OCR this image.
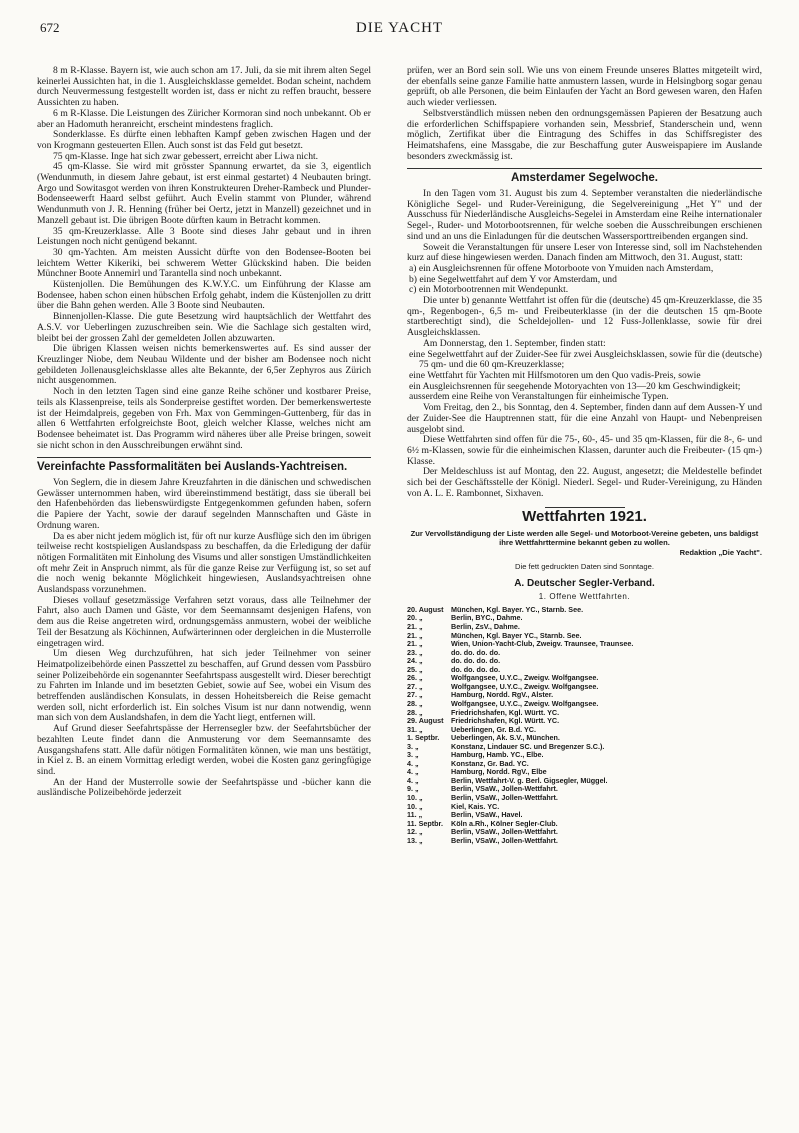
672	DIE YACHT

8 m R-Klasse. Bayern ist, wie auch schon am 17. Juli, da sie mit ihrem alten Segel keinerlei Aussichten hat, in die 1. Ausgleichsklasse gemeldet. Bodan scheint, nachdem durch Neuvermessung festgestellt worden ist, dass er nicht zu reffen braucht, bessere Aussichten zu haben.

6 m R-Klasse. Die Leistungen des Züricher Kormoran sind noch unbekannt. Ob er aber an Hadomuth heranreicht, erscheint mindestens fraglich.

Sonderklasse. Es dürfte einen lebhaften Kampf geben zwischen Hagen und der von Krogmann gesteuerten Ellen. Auch sonst ist das Feld gut besetzt.

75 qm-Klasse. Inge hat sich zwar gebessert, erreicht aber Liwa nicht.

45 qm-Klasse. Sie wird mit grösster Spannung erwartet, da sie 3, eigentlich (Wendunmuth, in diesem Jahre gebaut, ist erst einmal gestartet) 4 Neubauten bringt. Argo und Sowitasgot werden von ihren Konstrukteuren Dreher-Rambeck und Plunder-Bodenseewerft Haard selbst geführt. Auch Evelin stammt von Plunder, während Wendunmuth von J. R. Henning (früher bei Oertz, jetzt in Manzell) gezeichnet und in Manzell gebaut ist. Die übrigen Boote dürften kaum in Betracht kommen.

35 qm-Kreuzerklasse. Alle 3 Boote sind dieses Jahr gebaut und in ihren Leistungen noch nicht genügend bekannt.

30 qm-Yachten. Am meisten Aussicht dürfte von den Bodensee-Booten bei leichtem Wetter Kikeriki, bei schwerem Wetter Glückskind haben. Die beiden Münchner Boote Annemirl und Tarantella sind noch unbekannt.

Küstenjollen. Die Bemühungen des K.W.Y.C. um Einführung der Klasse am Bodensee, haben schon einen hübschen Erfolg gehabt, indem die Küstenjollen zu dritt über die Bahn gehen werden. Alle 3 Boote sind Neubauten.

Binnenjollen-Klasse. Die gute Besetzung wird hauptsächlich der Wettfahrt des A.S.V. vor Ueberlingen zuzuschreiben sein. Wie die Sachlage sich gestalten wird, bleibt bei der grossen Zahl der gemeldeten Jollen abzuwarten.

Die übrigen Klassen weisen nichts bemerkenswertes auf. Es sind ausser der Kreuzlinger Niobe, dem Neubau Wildente und der bisher am Bodensee noch nicht gebildeten Jollenausgleichsklasse alles alte Bekannte, der 6,5er Zephyros aus Zürich nicht ausgenommen.

Noch in den letzten Tagen sind eine ganze Reihe schöner und kostbarer Preise, teils als Klassenpreise, teils als Sonderpreise gestiftet worden. Der bemerkenswerteste ist der Heimdalpreis, gegeben von Frh. Max von Gemmingen-Guttenberg, für das in allen 6 Wettfahrten erfolgreichste Boot, gleich welcher Klasse, welches nicht am Bodensee beheimatet ist. Das Programm wird näheres über alle Preise bringen, soweit sie nicht schon in den Ausschreibungen erwähnt sind.

Vereinfachte Passformalitäten bei Auslands-Yachtreisen.

Von Seglern, die in diesem Jahre Kreuzfahrten in die dänischen und schwedischen Gewässer unternommen haben, wird übereinstimmend bestätigt, dass sie überall bei den Hafenbehörden das liebenswürdigste Entgegenkommen gefunden haben, sofern die Papiere der Yacht, sowie der darauf segelnden Mannschaften und Gäste in Ordnung waren.

Da es aber nicht jedem möglich ist, für oft nur kurze Ausflüge sich den im übrigen teilweise recht kostspieligen Auslandspass zu beschaffen, da die Erledigung der dafür nötigen Formalitäten mit Einholung des Visums und aller sonstigen Umständlichkeiten oft mehr Zeit in Anspruch nimmt, als für die ganze Reise zur Verfügung ist, so set auf die noch wenig bekannte Möglichkeit hingewiesen, Auslandsyachtreisen ohne Auslandspass vorzunehmen.

Dieses vollauf gesetzmässige Verfahren setzt voraus, dass alle Teilnehmer der Fahrt, also auch Damen und Gäste, vor dem Seemannsamt desjenigen Hafens, von dem aus die Reise angetreten wird, ordnungsgemäss anmustern, wobei der weibliche Teil der Besatzung als Köchinnen, Aufwärterinnen oder dergleichen in die Musterrolle eingetragen wird.

Um diesen Weg durchzuführen, hat sich jeder Teilnehmer von seiner Heimatpolizeibehörde einen Passzettel zu beschaffen, auf Grund dessen vom Passbüro seiner Polizeibehörde ein sogenannter Seefahrtspass ausgestellt wird. Dieser berechtigt zu Fahrten im Inlande und im besetzten Gebiet, sowie auf See, wobei ein Visum des betreffenden ausländischen Konsulats, in dessen Hoheitsbereich die Reise gemacht werden soll, nicht erforderlich ist. Ein solches Visum ist nur dann notwendig, wenn man sich von dem Auslandshafen, in dem die Yacht liegt, entfernen will.

Auf Grund dieser Seefahrtspässe der Herrensegler bzw. der Seefahrtsbücher der bezahlten Leute findet dann die Anmusterung vor dem Seemannsamte des Ausgangshafens statt. Alle dafür nötigen Formalitäten können, wie man uns bestätigt, in Kiel z. B. an einem Vormittag erledigt werden, wobei die Kosten ganz geringfügige sind.

An der Hand der Musterrolle sowie der Seefahrtspässe und -bücher kann die ausländische Polizeibehörde jederzeit

prüfen, wer an Bord sein soll. Wie uns von einem Freunde unseres Blattes mitgeteilt wird, der ebenfalls seine ganze Familie hatte anmustern lassen, wurde in Helsingborg sogar genau geprüft, ob alle Personen, die beim Einlaufen der Yacht an Bord gewesen waren, den Hafen auch wieder verliessen.

Selbstverständlich müssen neben den ordnungsgemässen Papieren der Besatzung auch die erforderlichen Schiffspapiere vorhanden sein, Messbrief, Standerschein und, wenn möglich, Zertifikat über die Eintragung des Schiffes in das Schiffsregister des Heimatshafens, eine Massgabe, die zur Beschaffung guter Ausweispapiere im Auslande besonders zweckmässig ist.

Amsterdamer Segelwoche.

In den Tagen vom 31. August bis zum 4. September veranstalten die niederländische Königliche Segel- und Ruder-Vereinigung, die Segelvereinigung „Het Y" und der Ausschuss für Niederländische Ausgleichs-Segelei in Amsterdam eine Reihe internationaler Segel-, Ruder- und Motorbootsrennen, für welche soeben die Ausschreibungen erschienen sind und an uns die Einladungen für die deutschen Wassersporttreibenden ergangen sind.

Soweit die Veranstaltungen für unsere Leser von Interesse sind, soll im Nachstehenden kurz auf diese hingewiesen werden. Danach finden am Mittwoch, den 31. August, statt:

a) ein Ausgleichsrennen für offene Motorboote von Ymuiden nach Amsterdam,

b) eine Segelwettfahrt auf dem Y vor Amsterdam, und

c) ein Motorbootrennen mit Wendepunkt.

Die unter b) genannte Wettfahrt ist offen für die (deutsche) 45 qm-Kreuzerklasse, die 35 qm-, Regenbogen-, 6,5 m- und Freibeuterklasse (in der die deutschen 15 qm-Boote startberechtigt sind), die Scheldejollen- und 12 Fuss-Jollenklasse, sowie für drei Ausgleichsklassen.

Am Donnerstag, den 1. September, finden statt:

eine Segelwettfahrt auf der Zuider-See für zwei Ausgleichsklassen, sowie für die (deutsche) 75 qm- und die 60 qm-Kreuzerklasse;

eine Wettfahrt für Yachten mit Hilfsmotoren um den Quo vadis-Preis, sowie

ein Ausgleichsrennen für seegehende Motoryachten von 13—20 km Geschwindigkeit;

ausserdem eine Reihe von Veranstaltungen für einheimische Typen.

Vom Freitag, den 2., bis Sonntag, den 4. September, finden dann auf dem Aussen-Y und der Zuider-See die Hauptrennen statt, für die eine Anzahl von Haupt- und Nebenpreisen ausgelobt sind.

Diese Wettfahrten sind offen für die 75-, 60-, 45- und 35 qm-Klassen, für die 8-, 6- und 6½ m-Klassen, sowie für die einheimischen Klassen, darunter auch die Freibeuter- (15 qm-) Klasse.

Der Meldeschluss ist auf Montag, den 22. August, angesetzt; die Meldestelle befindet sich bei der Geschäftsstelle der Königl. Niederl. Segel- und Ruder-Vereinigung, zu Händen von A. L. E. Rambonnet, Sixhaven.

Wettfahrten 1921.
Zur Vervollständigung der Liste werden alle Segel- und Motorboot-Vereine gebeten, uns baldigst ihre Wettfahrttermine bekannt geben zu wollen.
Redaktion „Die Yacht".
Die fett gedruckten Daten sind Sonntage.
A. Deutscher Segler-Verband.
1. Offene Wettfahrten.
20. August	München, Kgl. Bayer. YC., Starnb. See.
20. „	Berlin, BYC., Dahme.
21. „	Berlin, ZsV., Dahme.
21. „	München, Kgl. Bayer YC., Starnb. See.
21. „	Wien, Union-Yacht-Club, Zweigv. Traunsee, Traunsee.
23. „	do. do. do. do.
24. „	do. do. do. do.
25. „	do. do. do. do.
26. „	Wolfgangsee, U.Y.C., Zweigv. Wolfgangsee.
27. „	Wolfgangsee, U.Y.C., Zweigv. Wolfgangsee.
27. „	Hamburg, Nordd. RgV., Alster.
28. „	Wolfgangsee, U.Y.C., Zweigv. Wolfgangsee.
28. „	Friedrichshafen, Kgl. Württ. YC.
29. August	Friedrichshafen, Kgl. Württ. YC.
31. „	Ueberlingen, Gr. B.d. YC.
1. Septbr.	Ueberlingen, Ak. S.V., München.
3. „	Konstanz, Lindauer SC. und Bregenzer S.C.).
3. „	Hamburg, Hamb. YC., Elbe.
4. „	Konstanz, Gr. Bad. YC.
4. „	Hamburg, Nordd. RgV., Elbe
4. „	Berlin, Wettfahrt-V. g. Berl. Gigsegler, Müggel.
9. „	Berlin, VSaW., Jollen-Wettfahrt.
10. „	Berlin, VSaW., Jollen-Wettfahrt.
10. „	Kiel, Kais. YC.
11. „	Berlin, VSaW., Havel.
11. Septbr.	Köln a.Rh., Kölner Segler-Club.
12. „	Berlin, VSaW., Jollen-Wettfahrt.
13. „	Berlin, VSaW., Jollen-Wettfahrt.
